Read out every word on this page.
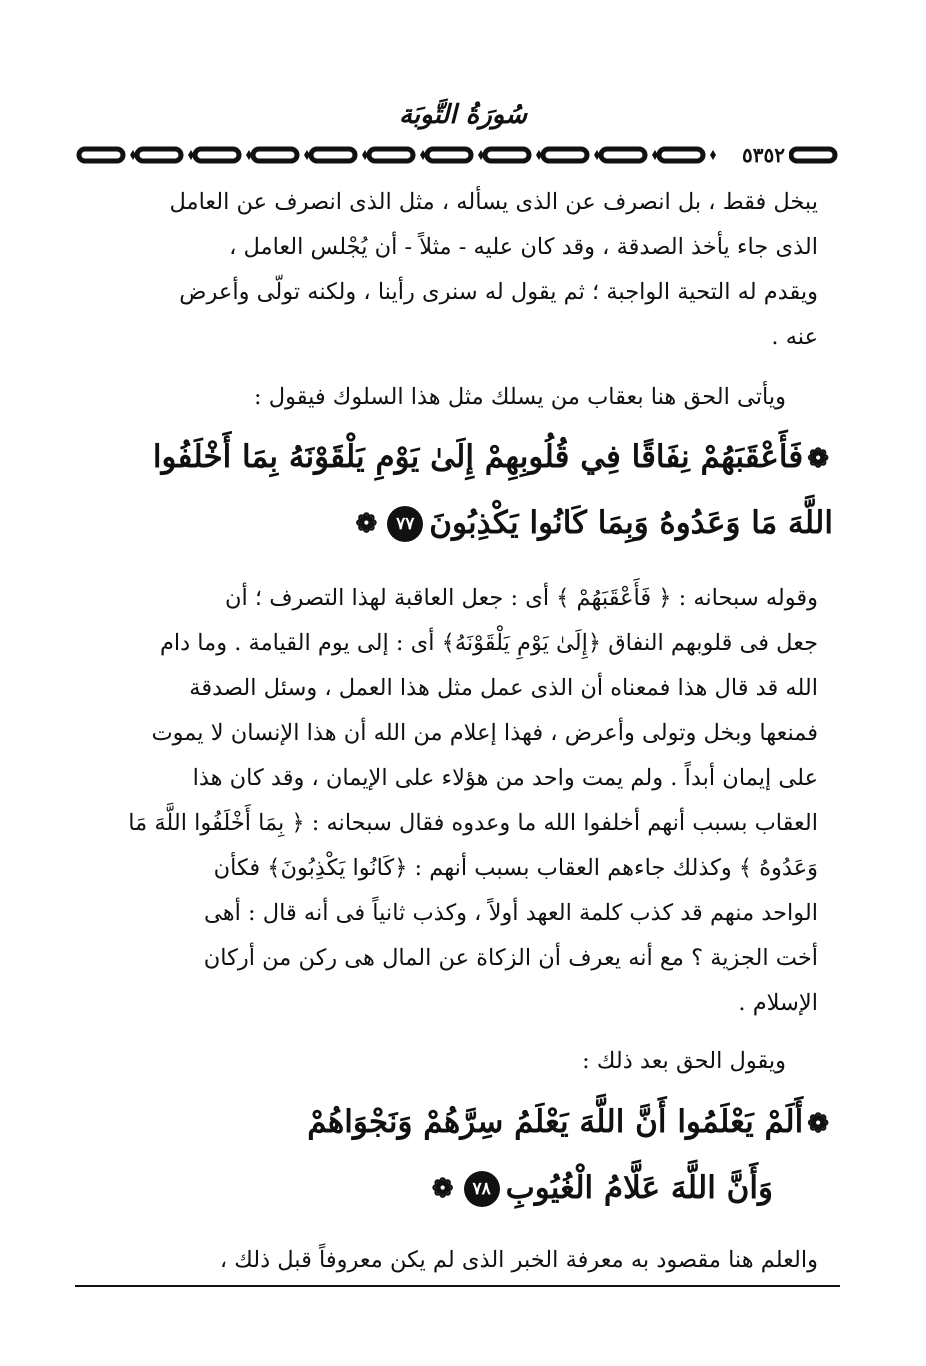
سُورَةُ التَّوبَة
٥٣٥٢

يبخل فقط ، بل انصرف عن الذى يسأله ، مثل الذى انصرف عن العامل

الذى جاء يأخذ الصدقة ، وقد كان عليه - مثلاً - أن يُجْلس العامل ،

ويقدم له التحية الواجبة ؛ ثم يقول له سنرى رأينا ، ولكنه تولّى وأعرض

عنه .

ويأتى الحق هنا بعقاب من يسلك مثل هذا السلوك فيقول :
❁فَأَعْقَبَهُمْ نِفَاقًا فِي قُلُوبِهِمْ إِلَىٰ يَوْمِ يَلْقَوْنَهُ بِمَا أَخْلَفُوا
اللَّهَ مَا وَعَدُوهُ وَبِمَا كَانُوا يَكْذِبُونَ٧٧❁

وقوله سبحانه : ﴿ فَأَعْقَبَهُمْ ﴾ أى : جعل العاقبة لهذا التصرف ؛ أن

جعل فى قلوبهم النفاق ﴿إِلَىٰ يَوْمِ يَلْقَوْنَهُ﴾ أى : إلى يوم القيامة . وما دام

الله قد قال هذا فمعناه أن الذى عمل مثل هذا العمل ، وسئل الصدقة

فمنعها وبخل وتولى وأعرض ، فهذا إعلام من الله أن هذا الإنسان لا يموت

على إيمان أبداً . ولم يمت واحد من هؤلاء على الإيمان ، وقد كان هذا

العقاب بسبب أنهم أخلفوا الله ما وعدوه فقال سبحانه : ﴿ بِمَا أَخْلَفُوا اللَّهَ مَا

وَعَدُوهُ ﴾ وكذلك جاءهم العقاب بسبب أنهم : ﴿كَانُوا يَكْذِبُونَ﴾ فكأن

الواحد منهم قد كذب كلمة العهد أولاً ، وكذب ثانياً فى أنه قال : أهى

أخت الجزية ؟ مع أنه يعرف أن الزكاة عن المال هى ركن من أركان

الإسلام .

ويقول الحق بعد ذلك :
❁أَلَمْ يَعْلَمُوا أَنَّ اللَّهَ يَعْلَمُ سِرَّهُمْ وَنَجْوَاهُمْ
وَأَنَّ اللَّهَ عَلَّامُ الْغُيُوبِ٧٨❁

والعلم هنا مقصود به معرفة الخبر الذى لم يكن معروفاً قبل ذلك ،
